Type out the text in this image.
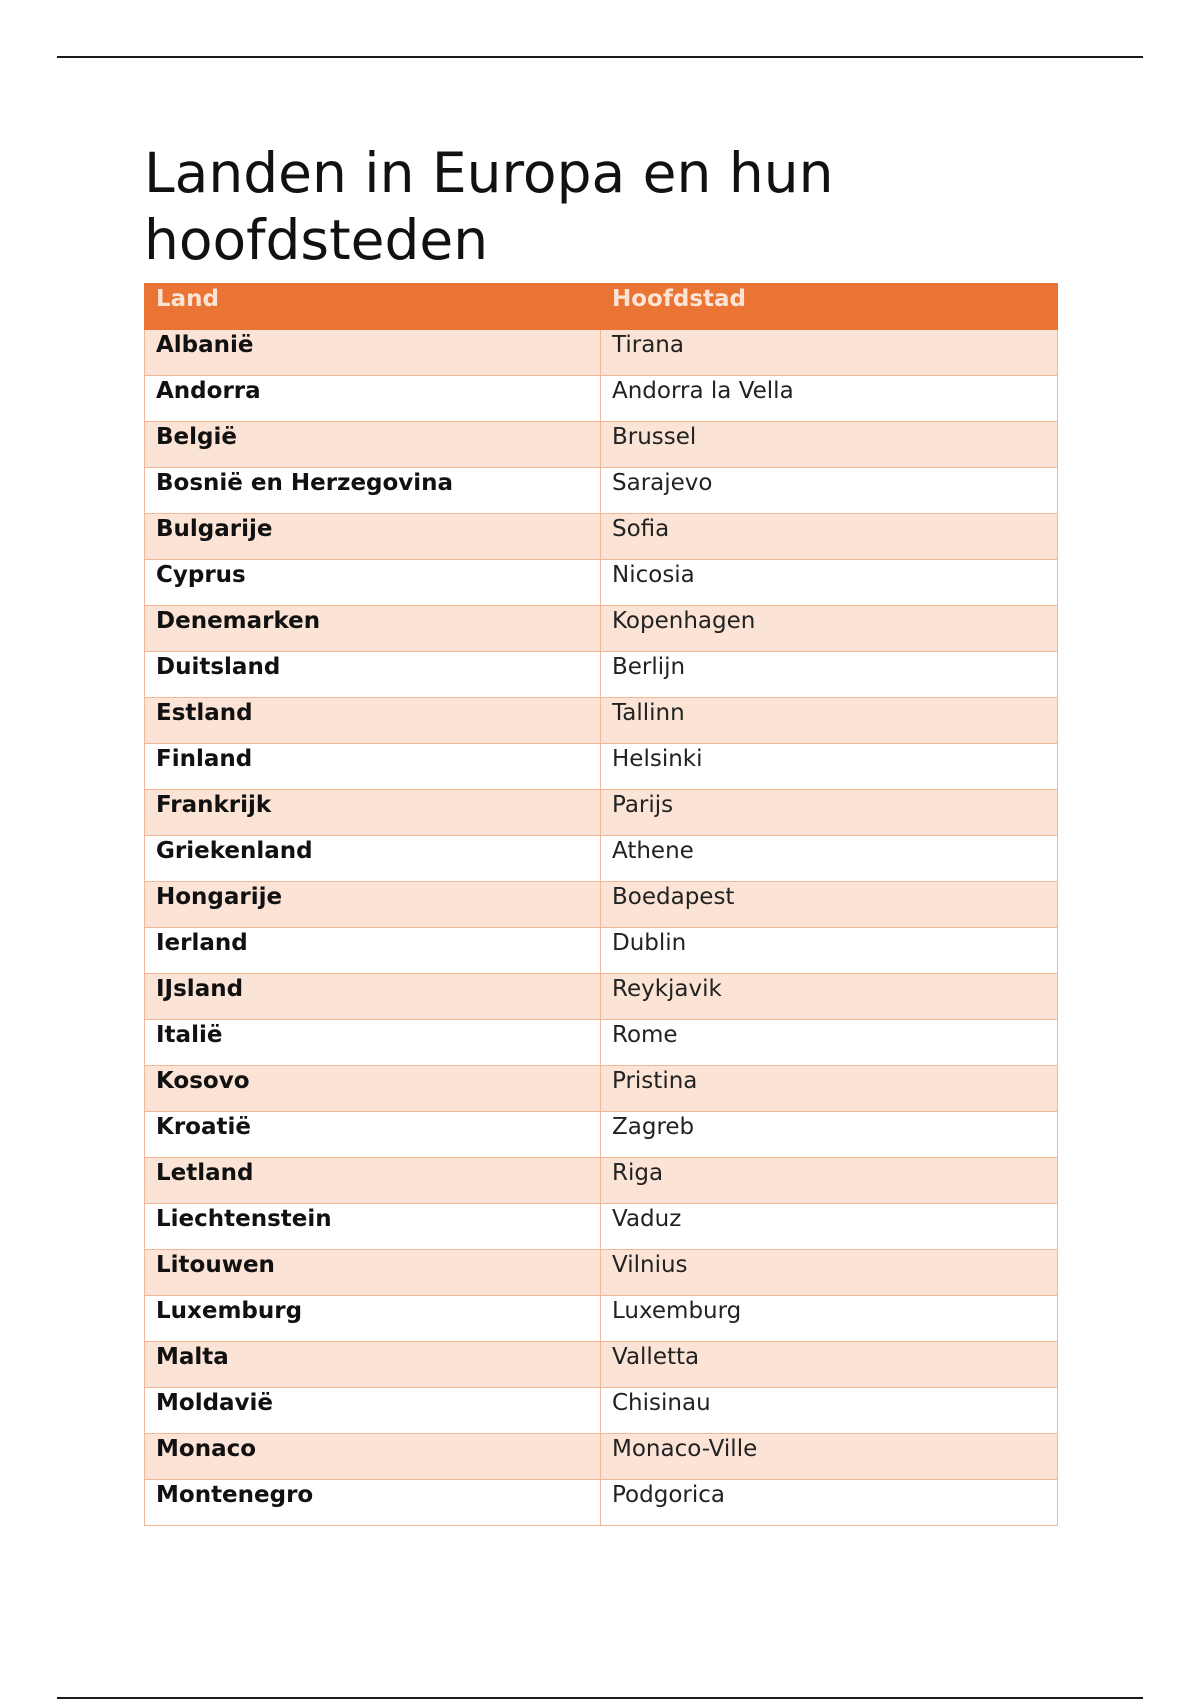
Landen in Europa en hun hoofdsteden
Land	Hoofdstad
Albanië	Tirana
Andorra	Andorra la Vella
België	Brussel
Bosnië en Herzegovina	Sarajevo
Bulgarije	Sofia
Cyprus	Nicosia
Denemarken	Kopenhagen
Duitsland	Berlijn
Estland	Tallinn
Finland	Helsinki
Frankrijk	Parijs
Griekenland	Athene
Hongarije	Boedapest
Ierland	Dublin
IJsland	Reykjavik
Italië	Rome
Kosovo	Pristina
Kroatië	Zagreb
Letland	Riga
Liechtenstein	Vaduz
Litouwen	Vilnius
Luxemburg	Luxemburg
Malta	Valletta
Moldavië	Chisinau
Monaco	Monaco-Ville
Montenegro	Podgorica
